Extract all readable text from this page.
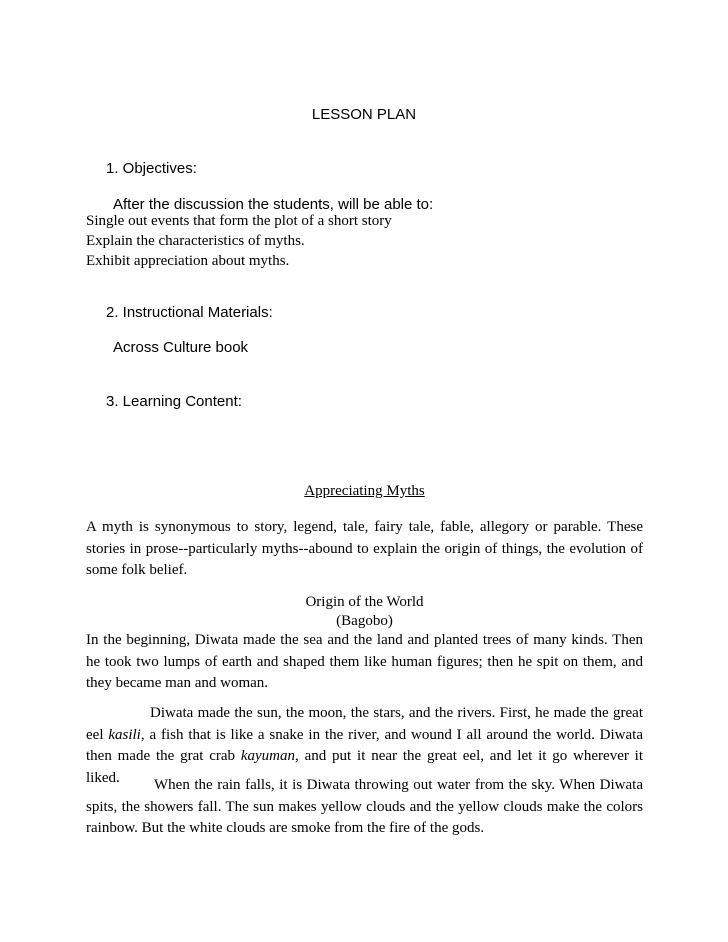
LESSON PLAN
1. Objectives:
After the discussion the students, will be able to:
Single out events that form the plot of a short story
Explain the characteristics of myths.
Exhibit appreciation about myths.
2. Instructional Materials:
Across Culture book
3. Learning Content:
Appreciating Myths

A myth is synonymous to story, legend, tale, fairy tale, fable, allegory or parable. These stories in prose--particularly myths--abound to explain the origin of things, the evolution of some folk belief.

Origin of the World
(Bagobo)

In the beginning, Diwata made the sea and the land and planted trees of many kinds. Then he took two lumps of earth and shaped them like human figures; then he spit on them, and they became man and woman.

Diwata made the sun, the moon, the stars, and the rivers. First, he made the great eel kasili, a fish that is like a snake in the river, and wound I all around the world. Diwata then made the grat crab kayuman, and put it near the great eel, and let it go wherever it liked.	When the rain falls, it is Diwata throwing out water from the sky. When Diwata spits, the showers fall. The sun makes yellow clouds and the yellow clouds make the colors rainbow. But the white clouds are smoke from the fire of the gods.
